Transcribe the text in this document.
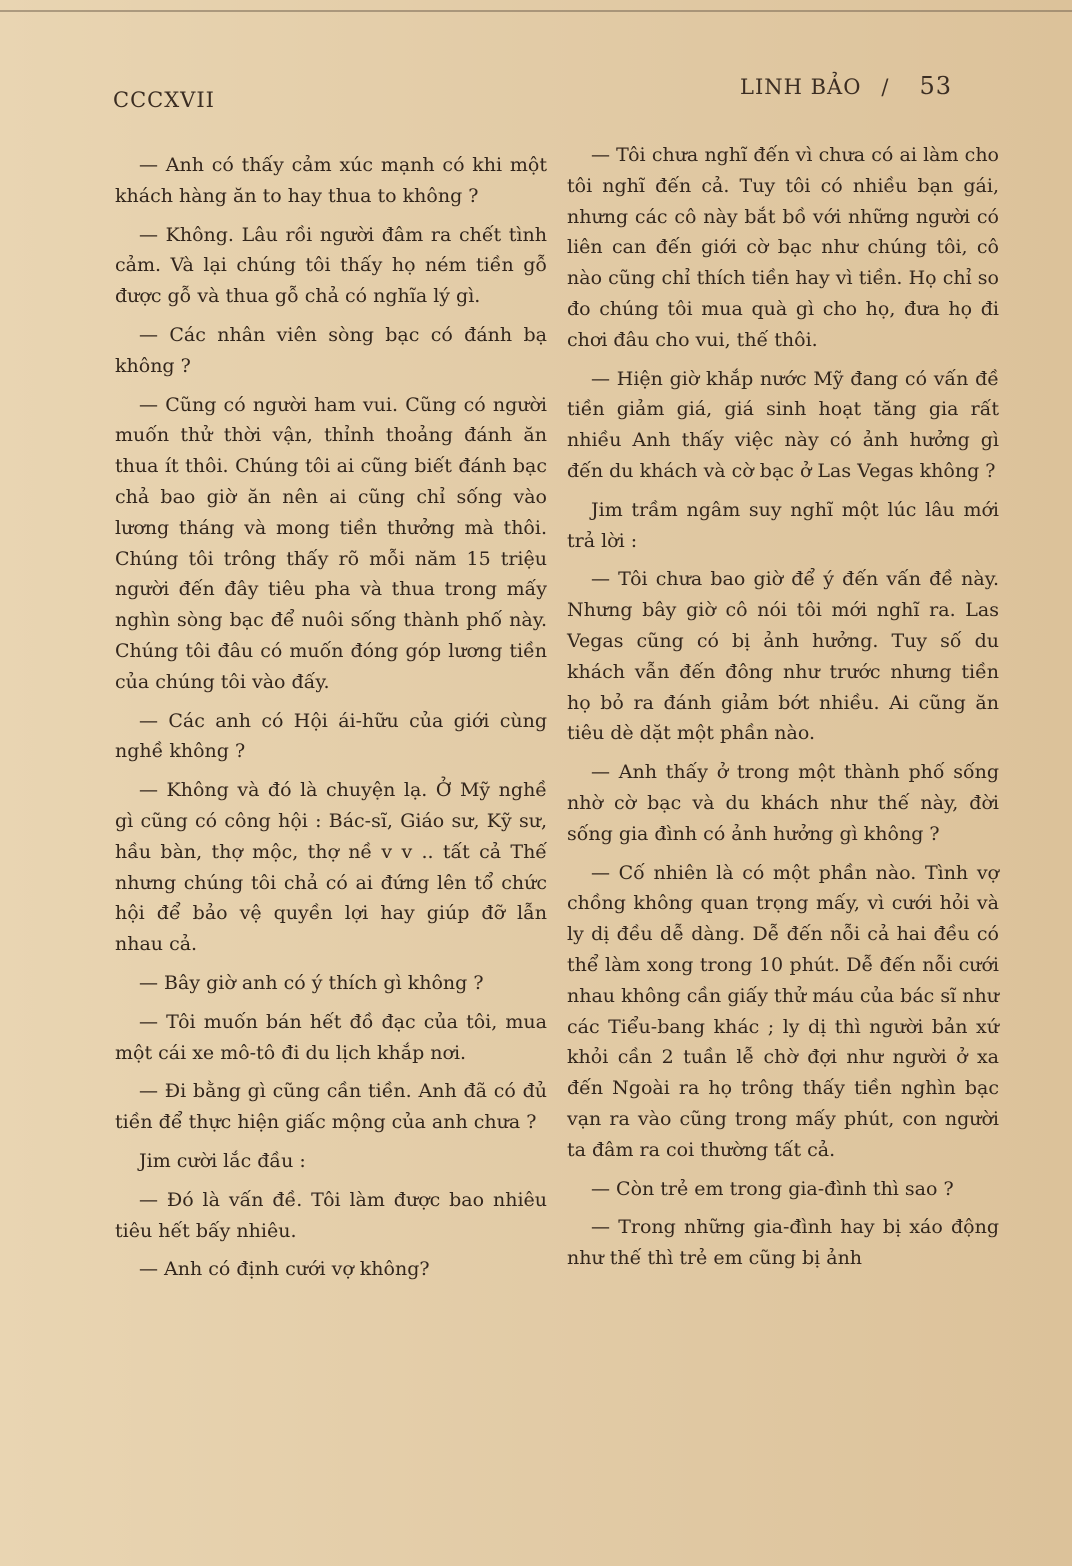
CCCXVII
LINH BẢO / 53

— Anh có thấy cảm xúc mạnh có khi một khách hàng ăn to hay thua to không ?

— Không. Lâu rồi người đâm ra chết tình cảm. Và lại chúng tôi thấy họ ném tiền gỗ được gỗ và thua gỗ chả có nghĩa lý gì.

— Các nhân viên sòng bạc có đánh bạ không ?

— Cũng có người ham vui. Cũng có người muốn thử thời vận, thỉnh thoảng đánh ăn thua ít thôi. Chúng tôi ai cũng biết đánh bạc chả bao giờ ăn nên ai cũng chỉ sống vào lương tháng và mong tiền thưởng mà thôi. Chúng tôi trông thấy rõ mỗi năm 15 triệu người đến đây tiêu pha và thua trong mấy nghìn sòng bạc để nuôi sống thành phố này. Chúng tôi đâu có muốn đóng góp lương tiền của chúng tôi vào đấy.

— Các anh có Hội ái-hữu của giới cùng nghề không ?

— Không và đó là chuyện lạ. Ở Mỹ nghề gì cũng có công hội : Bác-sĩ, Giáo sư, Kỹ sư, hầu bàn, thợ mộc, thợ nề v v .. tất cả Thế nhưng chúng tôi chả có ai đứng lên tổ chức hội để bảo vệ quyền lợi hay giúp đỡ lẫn nhau cả.

— Bây giờ anh có ý thích gì không ?

— Tôi muốn bán hết đồ đạc của tôi, mua một cái xe mô-tô đi du lịch khắp nơi.

— Đi bằng gì cũng cần tiền. Anh đã có đủ tiền để thực hiện giấc mộng của anh chưa ?

Jim cười lắc đầu :

— Đó là vấn đề. Tôi làm được bao nhiêu tiêu hết bấy nhiêu.

— Anh có định cưới vợ không?

— Tôi chưa nghĩ đến vì chưa có ai làm cho tôi nghĩ đến cả. Tuy tôi có nhiều bạn gái, nhưng các cô này bắt bồ với những người có liên can đến giới cờ bạc như chúng tôi, cô nào cũng chỉ thích tiền hay vì tiền. Họ chỉ so đo chúng tôi mua quà gì cho họ, đưa họ đi chơi đâu cho vui, thế thôi.

— Hiện giờ khắp nước Mỹ đang có vấn đề tiền giảm giá, giá sinh hoạt tăng gia rất nhiều Anh thấy việc này có ảnh hưởng gì đến du khách và cờ bạc ở Las Vegas không ?

Jim trầm ngâm suy nghĩ một lúc lâu mới trả lời :

— Tôi chưa bao giờ để ý đến vấn đề này. Nhưng bây giờ cô nói tôi mới nghĩ ra. Las Vegas cũng có bị ảnh hưởng. Tuy số du khách vẫn đến đông như trước nhưng tiền họ bỏ ra đánh giảm bớt nhiều. Ai cũng ăn tiêu dè dặt một phần nào.

— Anh thấy ở trong một thành phố sống nhờ cờ bạc và du khách như thế này, đời sống gia đình có ảnh hưởng gì không ?

— Cố nhiên là có một phần nào. Tình vợ chồng không quan trọng mấy, vì cưới hỏi và ly dị đều dễ dàng. Dễ đến nỗi cả hai đều có thể làm xong trong 10 phút. Dễ đến nỗi cưới nhau không cần giấy thử máu của bác sĩ như các Tiểu-bang khác ; ly dị thì người bản xứ khỏi cần 2 tuần lễ chờ đợi như người ở xa đến Ngoài ra họ trông thấy tiền nghìn bạc vạn ra vào cũng trong mấy phút, con người ta đâm ra coi thường tất cả.

— Còn trẻ em trong gia-đình thì sao ?

— Trong những gia-đình hay bị xáo động như thế thì trẻ em cũng bị ảnh
